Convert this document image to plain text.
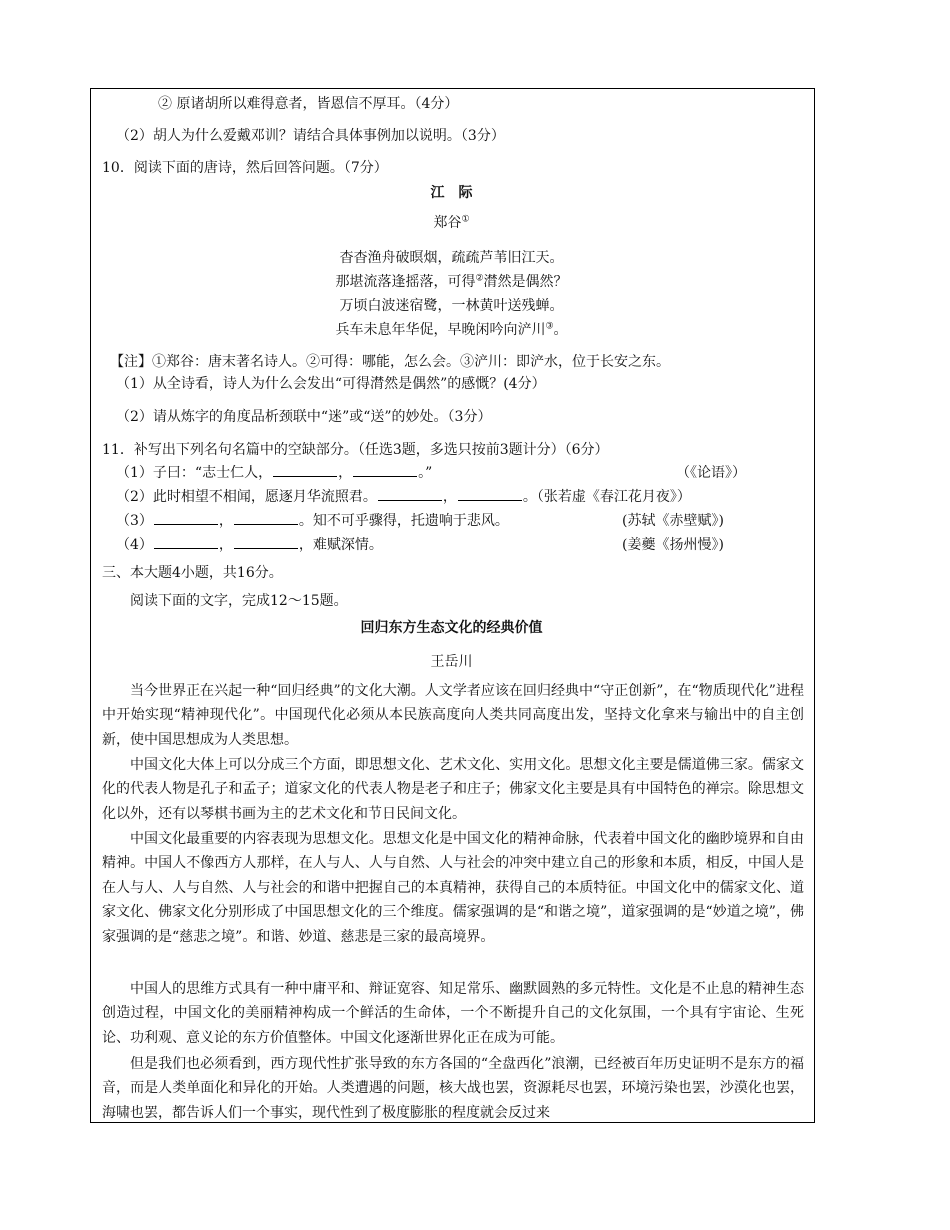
② 原诸胡所以难得意者，皆恩信不厚耳。（4分）
（2）胡人为什么爱戴邓训？请结合具体事例加以说明。（3分）
10．阅读下面的唐诗，然后回答问题。（7分）
江　际
郑谷①
杳杳渔舟破暝烟，疏疏芦苇旧江天。
那堪流落逢摇落，可得②潸然是偶然？
万顷白波迷宿鹭，一林黄叶送残蝉。
兵车未息年华促，早晚闲吟向浐川③。
【注】①郑谷：唐末著名诗人。②可得：哪能，怎么会。③浐川：即浐水，位于长安之东。
（1）从全诗看，诗人为什么会发出“可得潸然是偶然”的感慨？(4分）
（2）请从炼字的角度品析颈联中“迷”或“送”的妙处。（3分）
11．补写出下列名句名篇中的空缺部分。（任选3题，多选只按前3题计分）（6分）
（1）子曰：“志士仁人，	，	。”	（《论语》）
（2）此时相望不相闻，愿逐月华流照君。	，	。（张若虚《春江花月夜》）
（3）	，	。知不可乎骤得，托遗响于悲风。	(苏轼《赤壁赋》)
（4）	，	，难赋深情。	(姜夔《扬州慢》)
三、本大题4小题，共16分。
阅读下面的文字，完成12～15题。
回归东方生态文化的经典价值
王岳川

当今世界正在兴起一种“回归经典”的文化大潮。人文学者应该在回归经典中“守正创新”，在“物质现代化”进程中开始实现“精神现代化”。中国现代化必须从本民族高度向人类共同高度出发，坚持文化拿来与输出中的自主创新，使中国思想成为人类思想。

中国文化大体上可以分成三个方面，即思想文化、艺术文化、实用文化。思想文化主要是儒道佛三家。儒家文化的代表人物是孔子和孟子；道家文化的代表人物是老子和庄子；佛家文化主要是具有中国特色的禅宗。除思想文化以外，还有以琴棋书画为主的艺术文化和节日民间文化。

中国文化最重要的内容表现为思想文化。思想文化是中国文化的精神命脉，代表着中国文化的幽眇境界和自由精神。中国人不像西方人那样，在人与人、人与自然、人与社会的冲突中建立自己的形象和本质，相反，中国人是在人与人、人与自然、人与社会的和谐中把握自己的本真精神，获得自己的本质特征。中国文化中的儒家文化、道家文化、佛家文化分别形成了中国思想文化的三个维度。儒家强调的是“和谐之境”，道家强调的是“妙道之境”，佛家强调的是“慈悲之境”。和谐、妙道、慈悲是三家的最高境界。

中国人的思维方式具有一种中庸平和、辩证宽容、知足常乐、幽默圆熟的多元特性。文化是不止息的精神生态创造过程，中国文化的美丽精神构成一个鲜活的生命体，一个不断提升自己的文化氛围，一个具有宇宙论、生死论、功利观、意义论的东方价值整体。中国文化逐渐世界化正在成为可能。

但是我们也必须看到，西方现代性扩张导致的东方各国的“全盘西化”浪潮，已经被百年历史证明不是东方的福音，而是人类单面化和异化的开始。人类遭遇的问题，核大战也罢，资源耗尽也罢，环境污染也罢，沙漠化也罢，海啸也罢，都告诉人们一个事实，现代性到了极度膨胀的程度就会反过来
